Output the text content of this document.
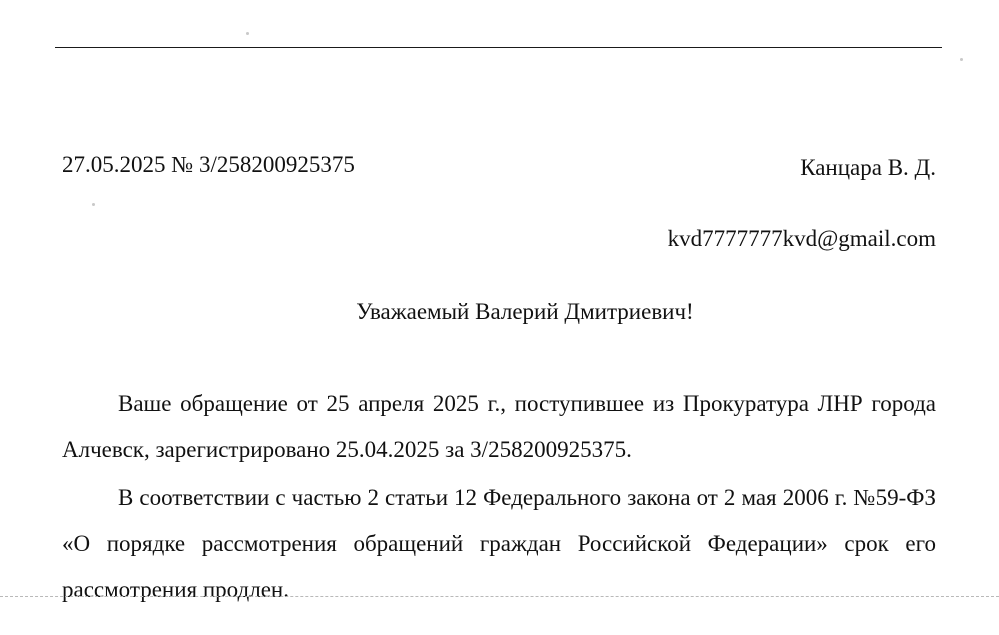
27.05.2025 № 3/258200925375	Канцара В. Д.
kvd7777777kvd@gmail.com
Уважаемый Валерий Дмитриевич!

Ваше обращение от 25 апреля 2025 г., поступившее из Прокуратура ЛНР города Алчевск, зарегистрировано 25.04.2025 за 3/258200925375.

В соответствии с частью 2 статьи 12 Федерального закона от 2 мая 2006 г. №59-ФЗ «О порядке рассмотрения обращений граждан Российской Федерации» срок его рассмотрения продлен.
